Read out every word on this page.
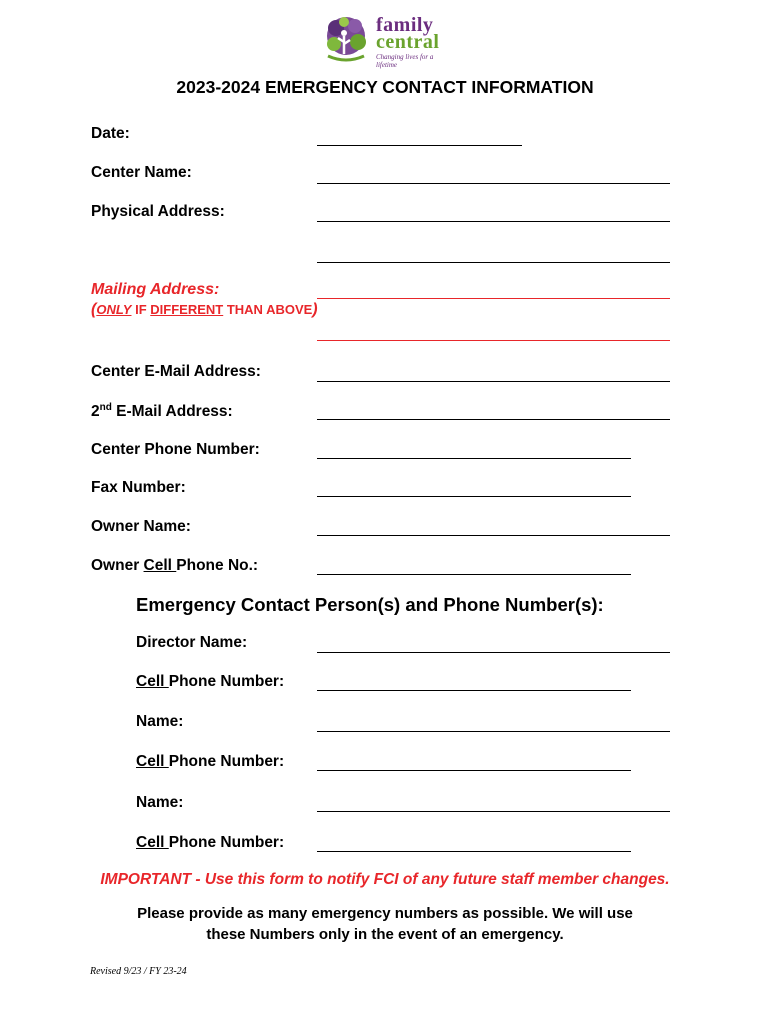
family
central
Changing lives for a lifetime
2023-2024 EMERGENCY CONTACT INFORMATION
Date:
Center Name:
Physical Address:
Mailing Address:
(ONLY IF DIFFERENT THAN ABOVE)
Center E-Mail Address:
2nd E-Mail Address:
Center Phone Number:
Fax Number:
Owner Name:
Owner Cell Phone No.:
Emergency Contact Person(s) and Phone Number(s):
Director Name:
Cell Phone Number:
Name:
Cell Phone Number:
Name:
Cell Phone Number:
IMPORTANT - Use this form to notify FCI of any future staff member changes.
Please provide as many emergency numbers as possible. We will use
these Numbers only in the event of an emergency.
Revised 9/23 / FY 23-24
